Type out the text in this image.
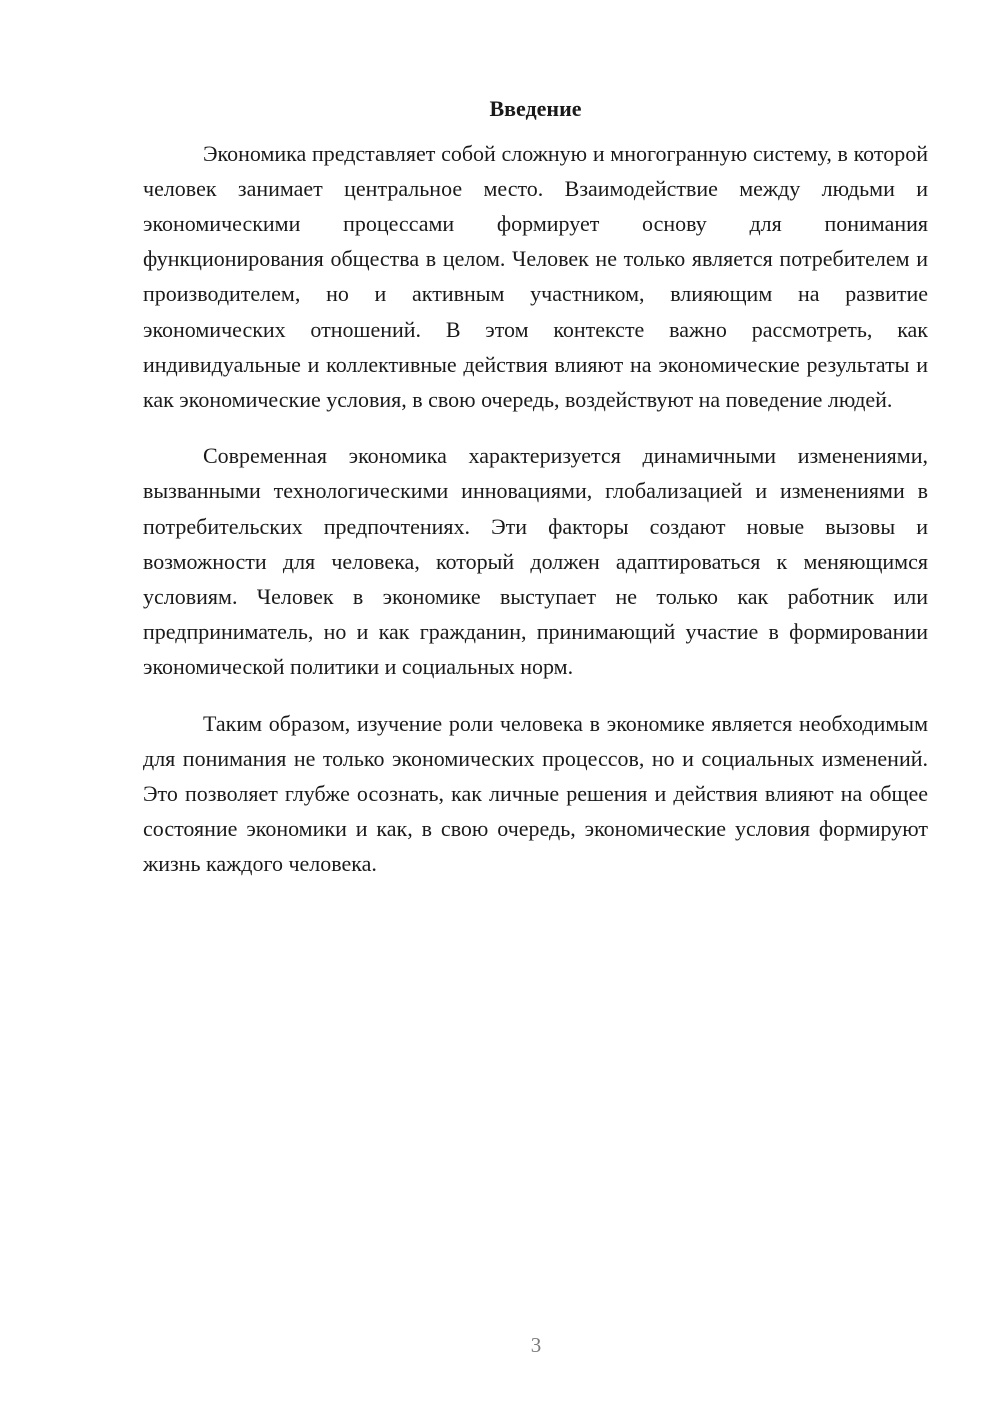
Введение

Экономика представляет собой сложную и многогранную систему, в которой человек занимает центральное место. Взаимодействие между людьми и экономическими процессами формирует основу для понимания функционирования общества в целом. Человек не только является потребителем и производителем, но и активным участником, влияющим на развитие экономических отношений. В этом контексте важно рассмотреть, как индивидуальные и коллективные действия влияют на экономические результаты и как экономические условия, в свою очередь, воздействуют на поведение людей.

Современная экономика характеризуется динамичными изменениями, вызванными технологическими инновациями, глобализацией и изменениями в потребительских предпочтениях. Эти факторы создают новые вызовы и возможности для человека, который должен адаптироваться к меняющимся условиям. Человек в экономике выступает не только как работник или предприниматель, но и как гражданин, принимающий участие в формировании экономической политики и социальных норм.

Таким образом, изучение роли человека в экономике является необходимым для понимания не только экономических процессов, но и социальных изменений. Это позволяет глубже осознать, как личные решения и действия влияют на общее состояние экономики и как, в свою очередь, экономические условия формируют жизнь каждого человека.

3
